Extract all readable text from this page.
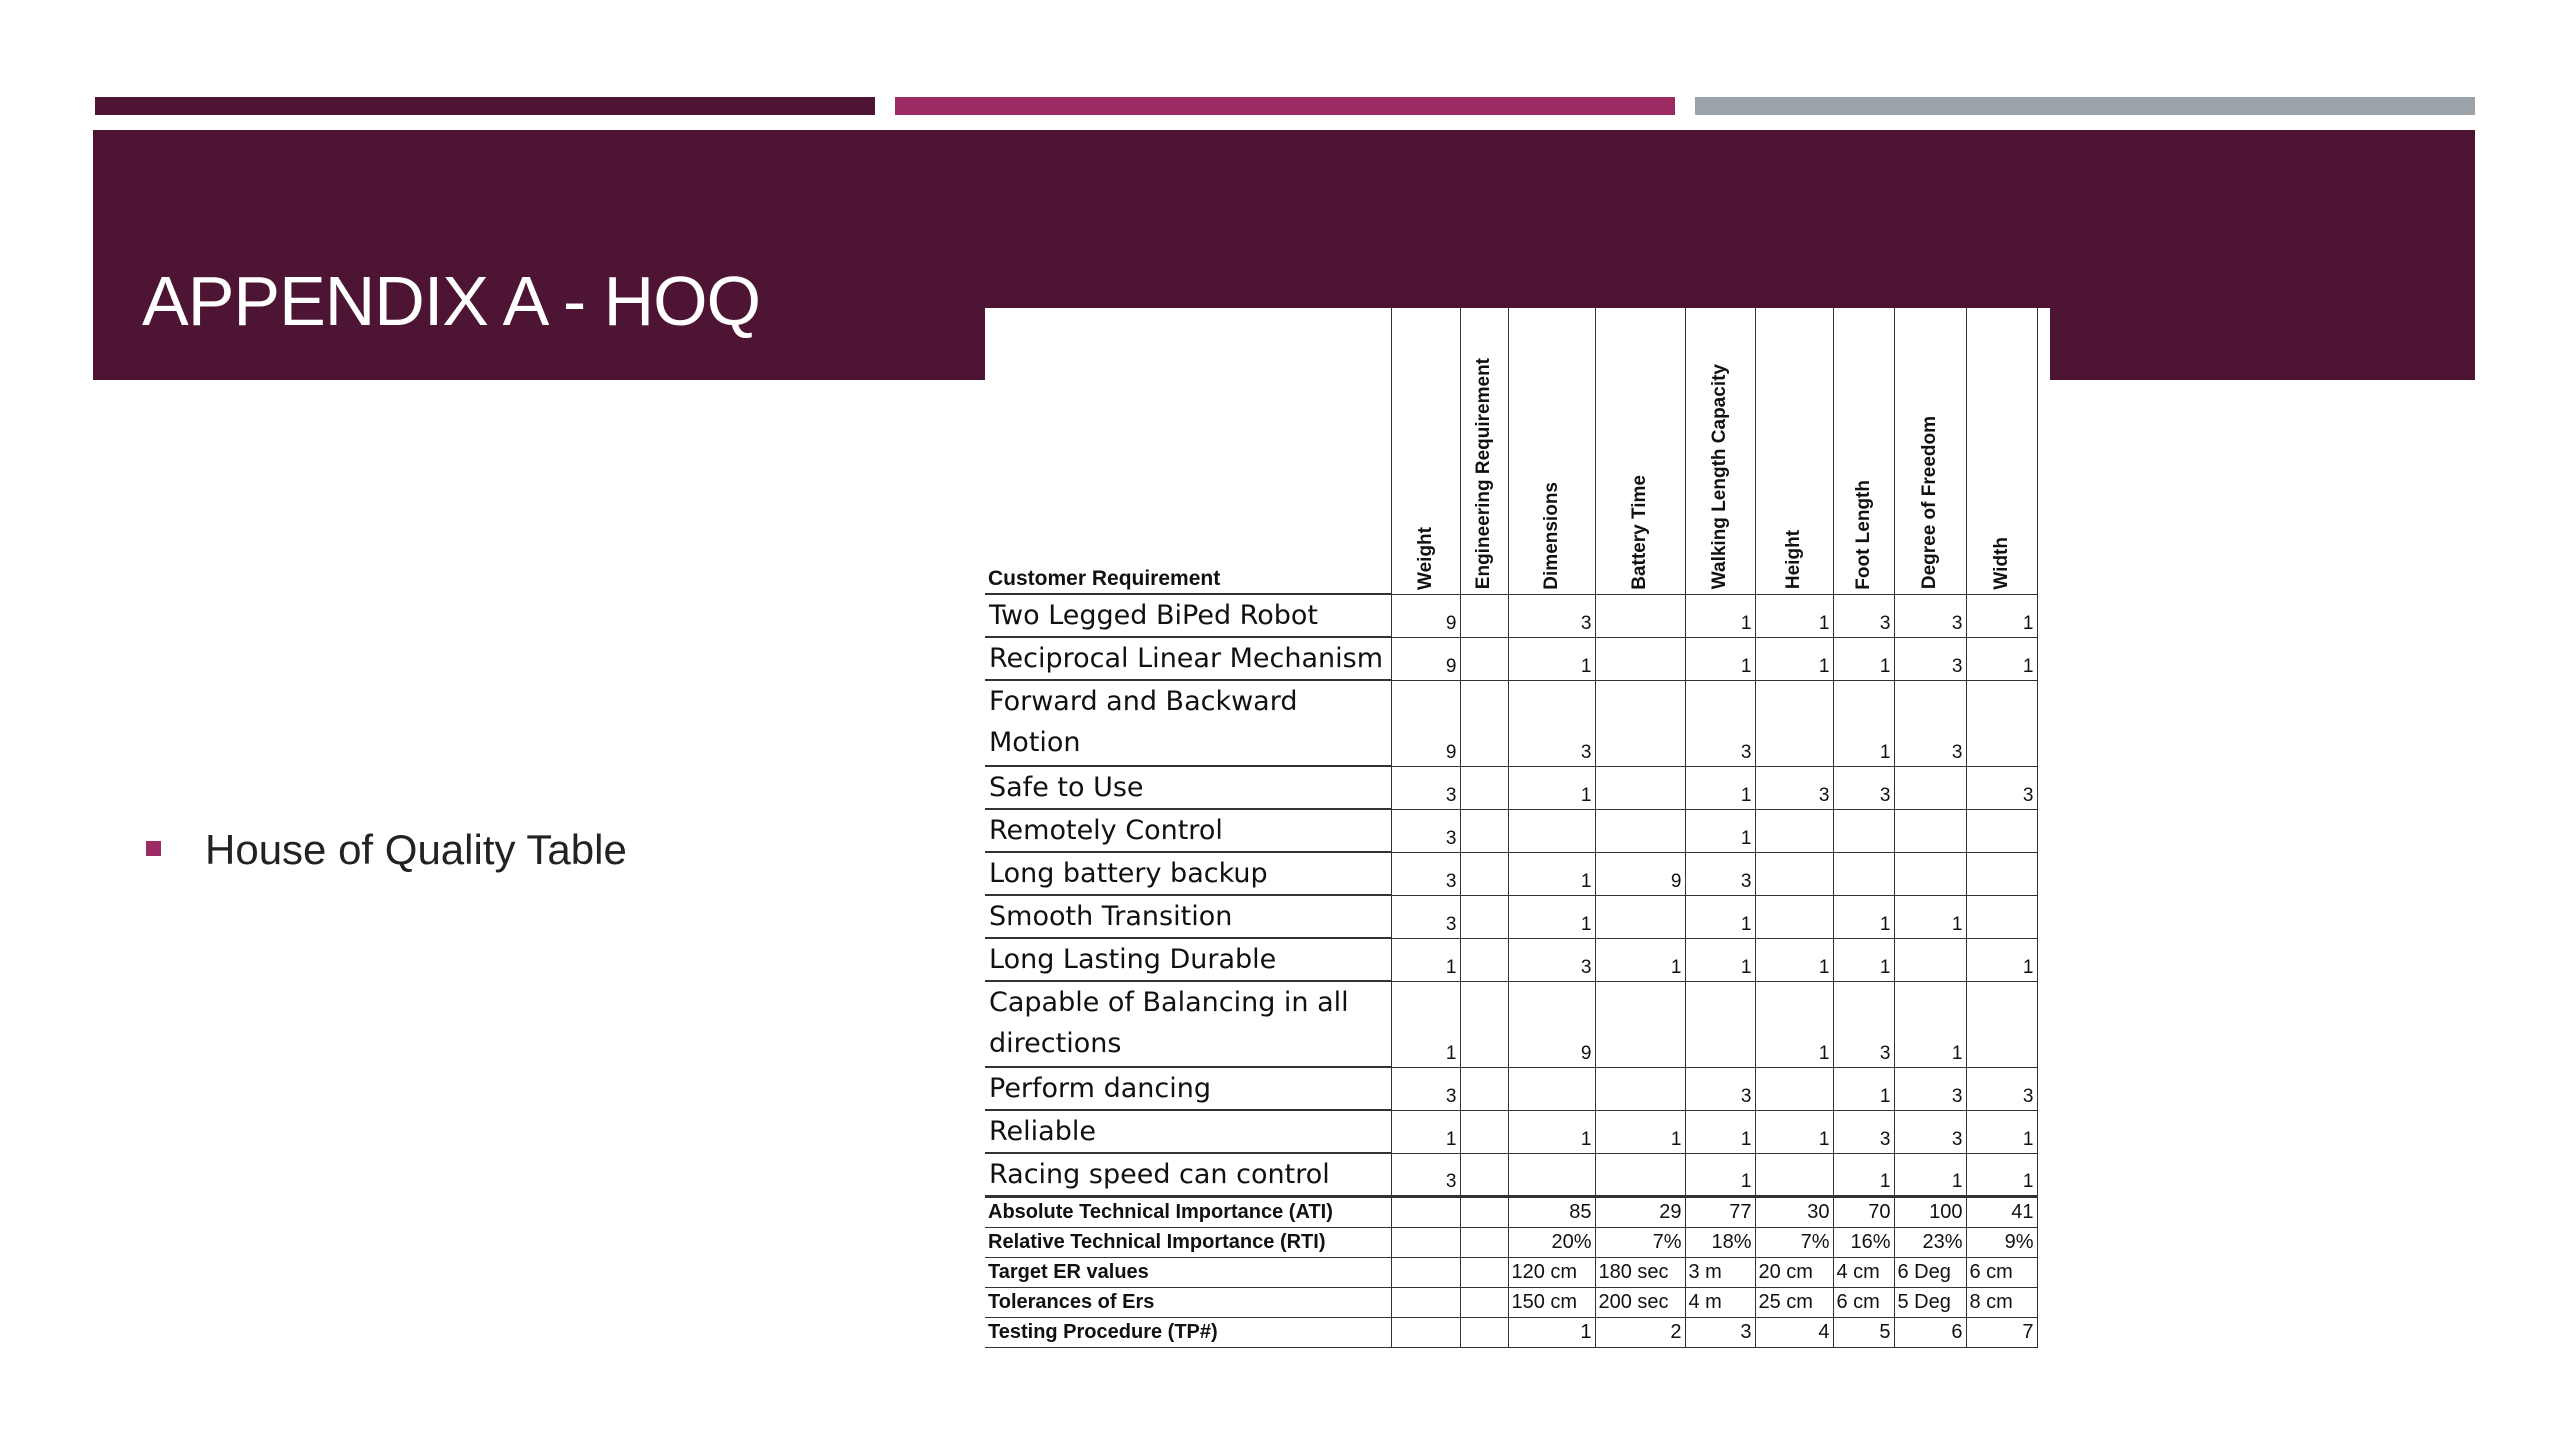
APPENDIX A - HOQ
House of Quality Table
Customer Requirement	Weight	Engineering Requirement	Dimensions	Battery Time	Walking Length Capacity	Height	Foot Length	Degree of Freedom	Width

Two Legged BiPed Robot	9		3		1	1	3	3	1
Reciprocal Linear Mechanism	9		1		1	1	1	3	1
Forward and Backward Motion	9		3		3		1	3	
Safe to Use	3		1		1	3	3		3
Remotely Control	3				1				
Long battery backup	3		1	9	3				
Smooth Transition	3		1		1		1	1	
Long Lasting Durable	1		3	1	1	1	1		1
Capable of Balancing in all directions	1		9			1	3	1	
Perform dancing	3				3		1	3	3
Reliable	1		1	1	1	1	3	3	1
Racing speed can control	3				1		1	1	1
Absolute Technical Importance (ATI)			85	29	77	30	70	100	41
Relative Technical Importance (RTI)			20%	7%	18%	7%	16%	23%	9%
Target ER values			120 cm	180 sec	3 m	20 cm	4 cm	6 Deg	6 cm
Tolerances of Ers			150 cm	200 sec	4 m	25 cm	6 cm	5 Deg	8 cm
Testing Procedure (TP#)			1	2	3	4	5	6	7
